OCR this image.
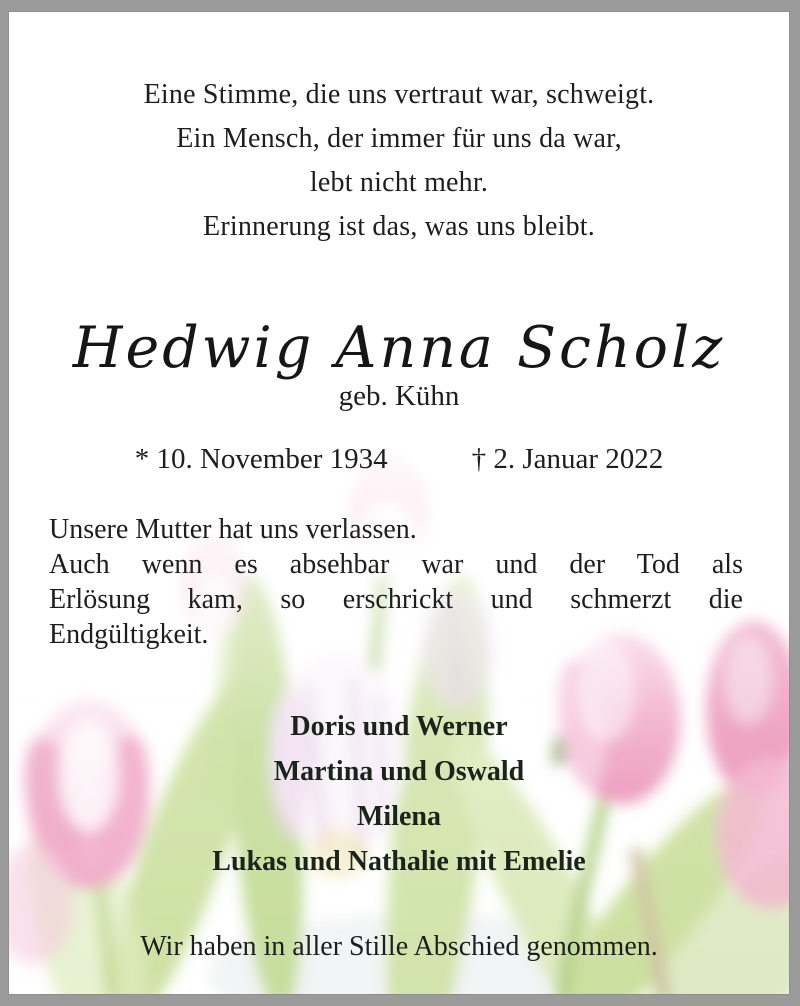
Eine Stimme, die uns vertraut war, schweigt.
Ein Mensch, der immer für uns da war,
lebt nicht mehr.
Erinnerung ist das, was uns bleibt.
Hedwig Anna Scholz
geb. Kühn
* 10. November 1934	† 2. Januar 2022
Unsere Mutter hat uns verlassen.
Auch wenn es absehbar war und der Tod als
Erlösung kam, so erschrickt und schmerzt die
Endgültigkeit.
Doris und Werner
Martina und Oswald
Milena
Lukas und Nathalie mit Emelie
Wir haben in aller Stille Abschied genommen.
